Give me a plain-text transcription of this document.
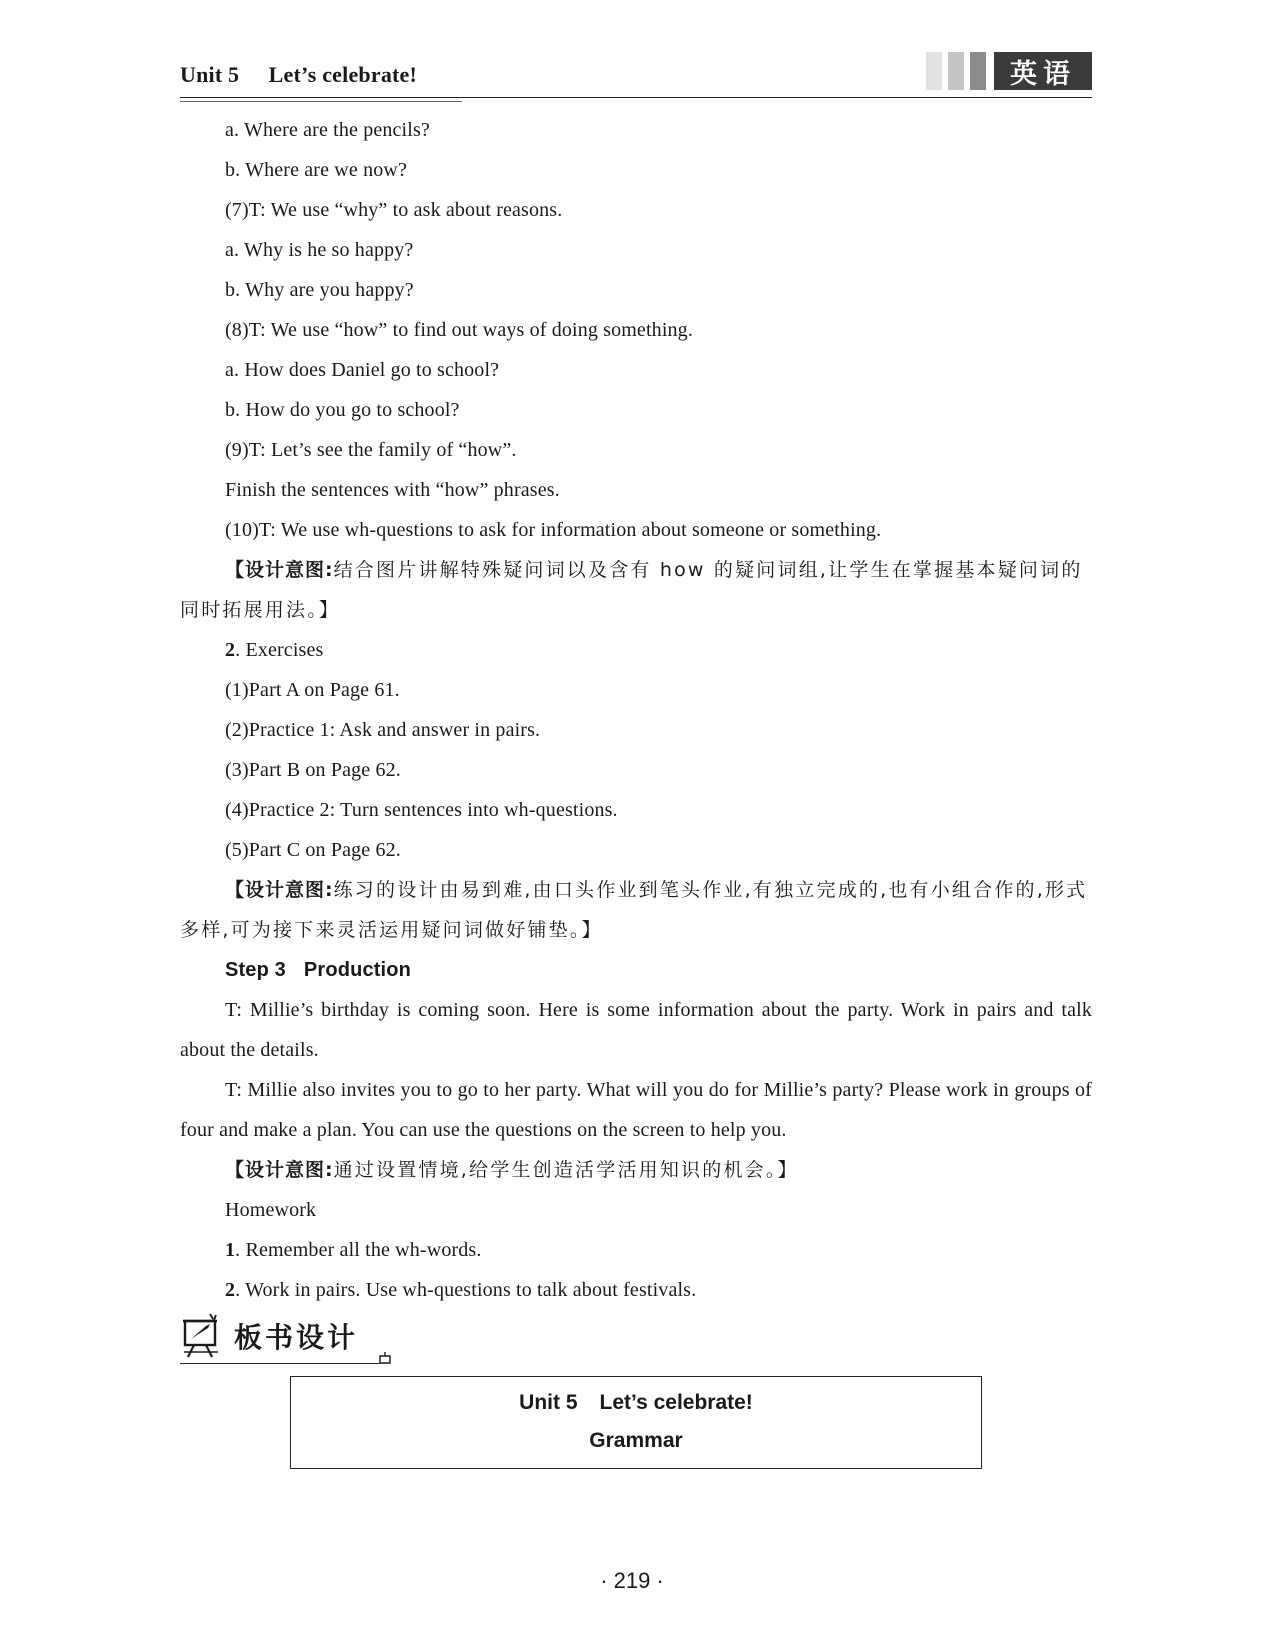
Unit 5 Let’s celebrate!	英语
a. Where are the pencils?
b. Where are we now?
(7)T: We use “why” to ask about reasons.
a. Why is he so happy?
b. Why are you happy?
(8)T: We use “how” to find out ways of doing something.
a. How does Daniel go to school?
b. How do you go to school?
(9)T: Let’s see the family of “how”.
Finish the sentences with “how” phrases.
(10)T: We use wh-questions to ask for information about someone or something.
【设计意图:结合图片讲解特殊疑问词以及含有 how 的疑问词组,让学生在掌握基本疑问词的同时拓展用法。】
2. Exercises
(1)Part A on Page 61.
(2)Practice 1: Ask and answer in pairs.
(3)Part B on Page 62.
(4)Practice 2: Turn sentences into wh-questions.
(5)Part C on Page 62.
【设计意图:练习的设计由易到难,由口头作业到笔头作业,有独立完成的,也有小组合作的,形式多样,可为接下来灵活运用疑问词做好铺垫。】
Step 3 Production
T: Millie’s birthday is coming soon. Here is some information about the party. Work in pairs and talk about the details.
T: Millie also invites you to go to her party. What will you do for Millie’s party? Please work in groups of four and make a plan. You can use the questions on the screen to help you.
【设计意图:通过设置情境,给学生创造活学活用知识的机会。】
Homework
1. Remember all the wh-words.
2. Work in pairs. Use wh-questions to talk about festivals.
板书设计
Unit 5 Let’s celebrate!
Grammar
· 219 ·
